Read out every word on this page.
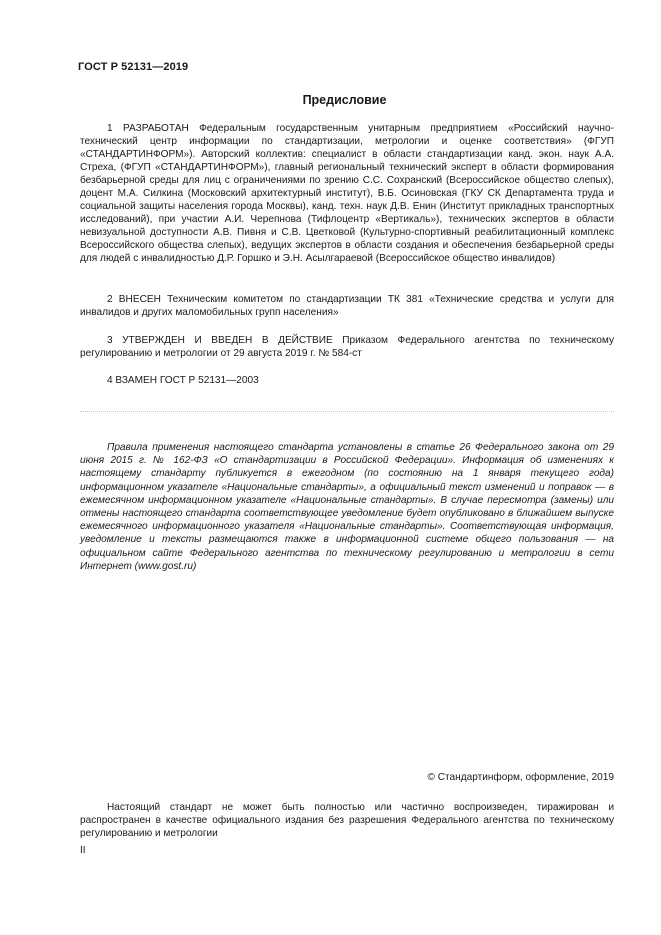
ГОСТ Р 52131—2019
Предисловие

1 РАЗРАБОТАН Федеральным государственным унитарным предприятием «Российский научно-технический центр информации по стандартизации, метрологии и оценке соответствия» (ФГУП «СТАНДАРТИНФОРМ»). Авторский коллектив: специалист в области стандартизации канд. экон. наук А.А. Стреха, (ФГУП «СТАНДАРТИНФОРМ»), главный региональный технический эксперт в области формирования безбарьерной среды для лиц с ограничениями по зрению С.С. Сохранский (Всероссийское общество слепых), доцент М.А. Силкина (Московский архитектурный институт), В.Б. Осиновская (ГКУ СК Департамента труда и социальной защиты населения города Москвы), канд. техн. наук Д.В. Енин (Институт прикладных транспортных исследований), при участии А.И. Черепнова (Тифлоцентр «Вертикаль»), технических экспертов в области невизуальной доступности А.В. Пивня и С.В. Цветковой (Культурно-спортивный реабилитационный комплекс Всероссийского общества слепых), ведущих экспертов в области создания и обеспечения безбарьерной среды для людей с инвалидностью Д.Р. Горшко и Э.Н. Асылгараевой (Всероссийское общество инвалидов)

2 ВНЕСЕН Техническим комитетом по стандартизации ТК 381 «Технические средства и услуги для инвалидов и других маломобильных групп населения»

3 УТВЕРЖДЕН И ВВЕДЕН В ДЕЙСТВИЕ Приказом Федерального агентства по техническому регулированию и метрологии от 29 августа 2019 г. № 584-ст

4 ВЗАМЕН ГОСТ Р 52131—2003

Правила применения настоящего стандарта установлены в статье 26 Федерального закона от 29 июня 2015 г. № 162-ФЗ «О стандартизации в Российской Федерации». Информация об изменениях к настоящему стандарту публикуется в ежегодном (по состоянию на 1 января текущего года) информационном указателе «Национальные стандарты», а официальный текст изменений и поправок — в ежемесячном информационном указателе «Национальные стандарты». В случае пересмотра (замены) или отмены настоящего стандарта соответствующее уведомление будет опубликовано в ближайшем выпуске ежемесячного информационного указателя «Национальные стандарты». Соответствующая информация, уведомление и тексты размещаются также в информационной системе общего пользования — на официальном сайте Федерального агентства по техническому регулированию и метрологии в сети Интернет (www.gost.ru)

© Стандартинформ, оформление, 2019

Настоящий стандарт не может быть полностью или частично воспроизведен, тиражирован и распространен в качестве официального издания без разрешения Федерального агентства по техническому регулированию и метрологии

II
